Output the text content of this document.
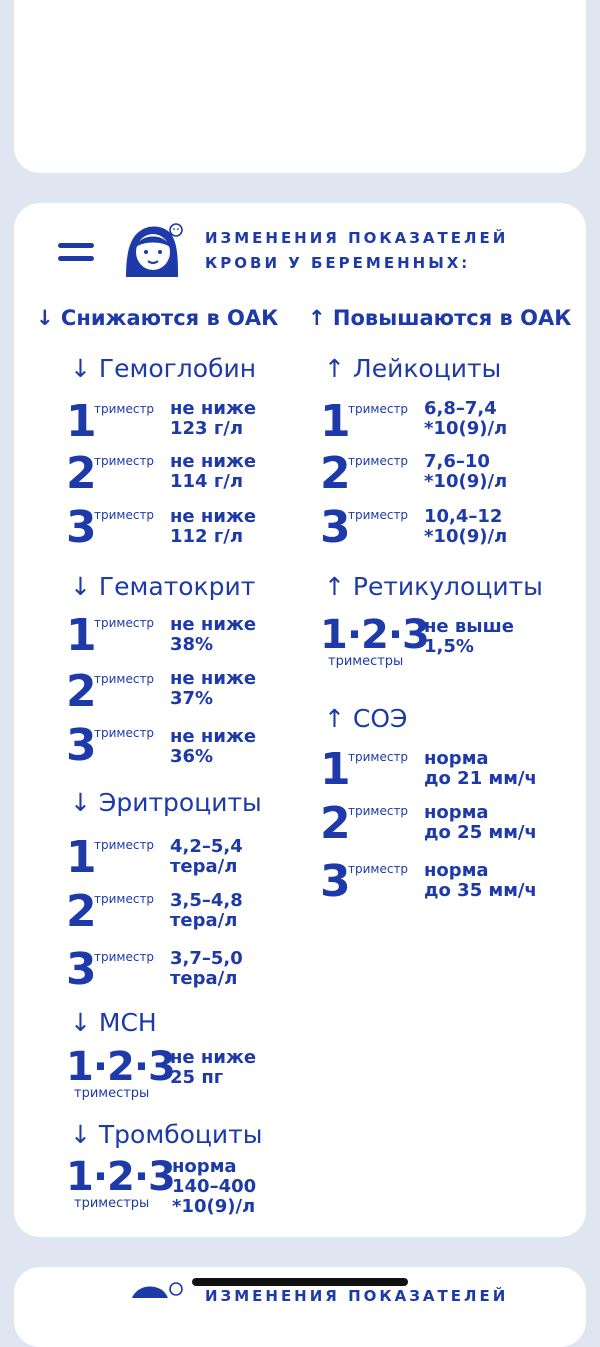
ИЗМЕНЕНИЯ ПОКАЗАТЕЛЕЙ
КРОВИ У БЕРЕМЕННЫХ:
↓ Снижаются в ОАК ↑ Повышаются в ОАК
↓ Гемоглобин
1
триместр не ниже
123 г/л
2
триместр не ниже
114 г/л
3
триместр не ниже
112 г/л
↓ Гематокрит
1
триместр не ниже
38%
2
триместр не ниже
37%
3
триместр не ниже
36%
↓ Эритроциты
1
триместр 4,2–5,4
тера/л
2
триместр 3,5–4,8
тера/л
3
триместр 3,7–5,0
тера/л
↓ MCH
1·2·3
триместры
не ниже
25 пг
↓ Тромбоциты
1·2·3
триместры
норма
140–400
*10(9)/л
↑ Лейкоциты
1
триместр 6,8–7,4
*10(9)/л
2
триместр 7,6–10
*10(9)/л
3
триместр 10,4–12
*10(9)/л
↑ Ретикулоциты
1·2·3
триместры
не выше
1,5%
↑ СОЭ
1
триместр норма
до 21 мм/ч
2
триместр норма
до 25 мм/ч
3
триместр норма
до 35 мм/ч
ИЗМЕНЕНИЯ ПОКАЗАТЕЛЕЙ
